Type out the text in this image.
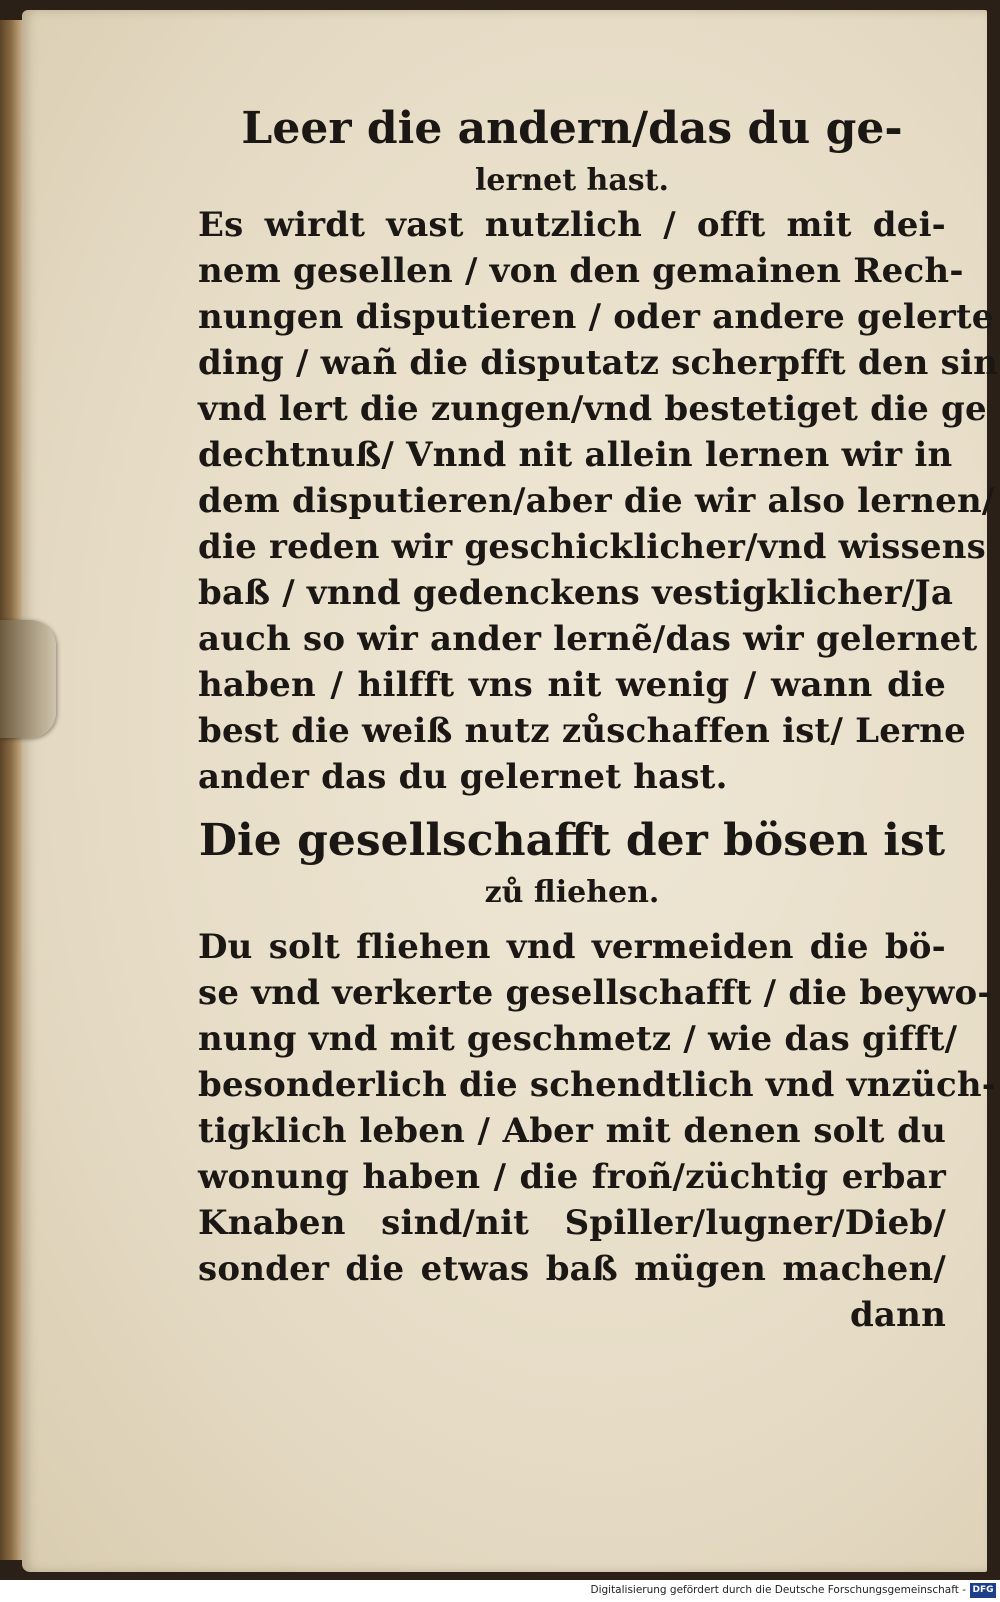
Leer die andern/das du ge-
lernet hast.
Es wirdt vast nutzlich / offt mit dei-
nem gesellen / von den gemainen Rech-
nungen disputieren / oder andere gelerte
ding / wañ die disputatz scherpfft den sin
vnd lert die zungen/vnd bestetiget die ge
dechtnuß/ Vnnd nit allein lernen wir in
dem disputieren/aber die wir also lernen/
die reden wir geschicklicher/vnd wissens
baß / vnnd gedenckens vestigklicher/Ja
auch so wir ander lernẽ/das wir gelernet
haben / hilfft vns nit wenig / wann die
best die weiß nutz zůschaffen ist/ Lerne
ander das du gelernet hast.
Die gesellschafft der bösen ist
zů fliehen.
Du solt fliehen vnd vermeiden die bö-
se vnd verkerte gesellschafft / die beywo-
nung vnd mit geschmetz / wie das gifft/
besonderlich die schendtlich vnd vnzüch-
tigklich leben / Aber mit denen solt du
wonung haben / die froñ/züchtig erbar
Knaben sind/nit Spiller/lugner/Dieb/
sonder die etwas baß mügen machen/
dann
Digitalisierung gefördert durch die Deutsche Forschungsgemeinschaft - DFG
